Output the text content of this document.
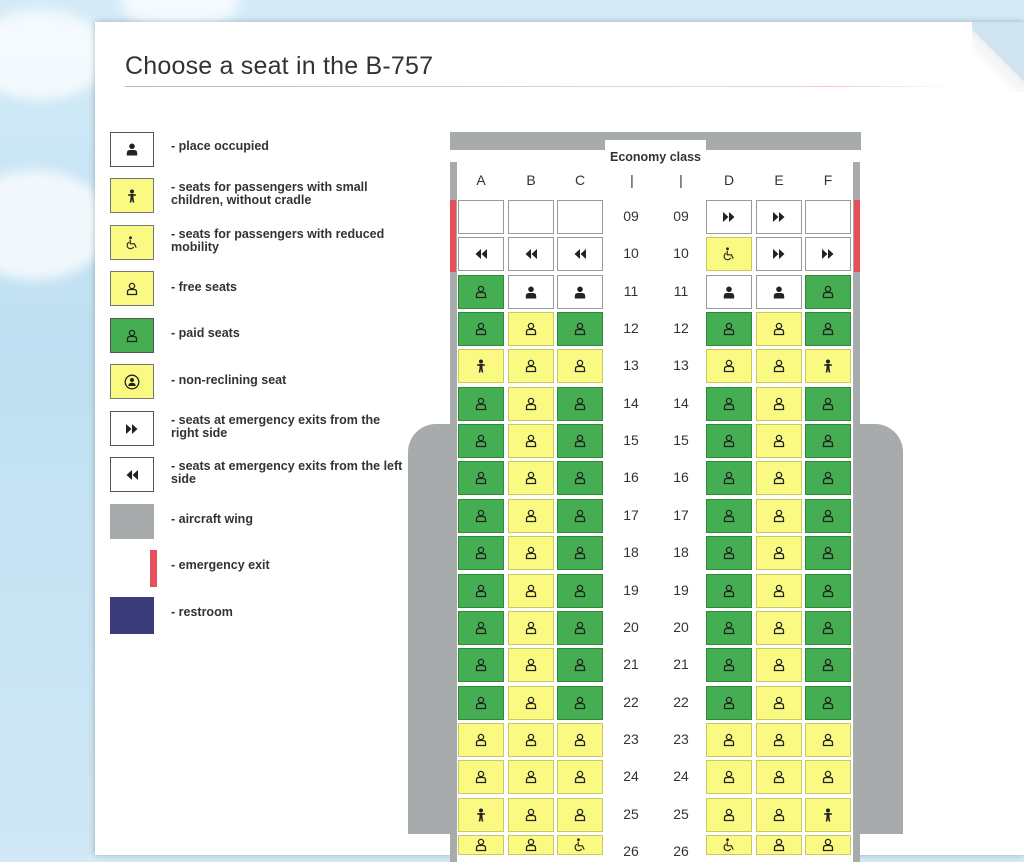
Choose a seat in the B-757
- place occupied
- seats for passengers with small children, without cradle
- seats for passengers with reduced mobility
- free seats
- paid seats
- non-reclining seat
- seats at emergency exits from the right side
- seats at emergency exits from the left side
- aircraft wing
- emergency exit
- restroom
Economy class
A	B	C	|	|	D	E	F
09	09
10	10
11	11
12	12
13	13
14	14
15	15
16	16
17	17
18	18
19	19
20	20
21	21
22	22
23	23
24	24
25	25
26	26
